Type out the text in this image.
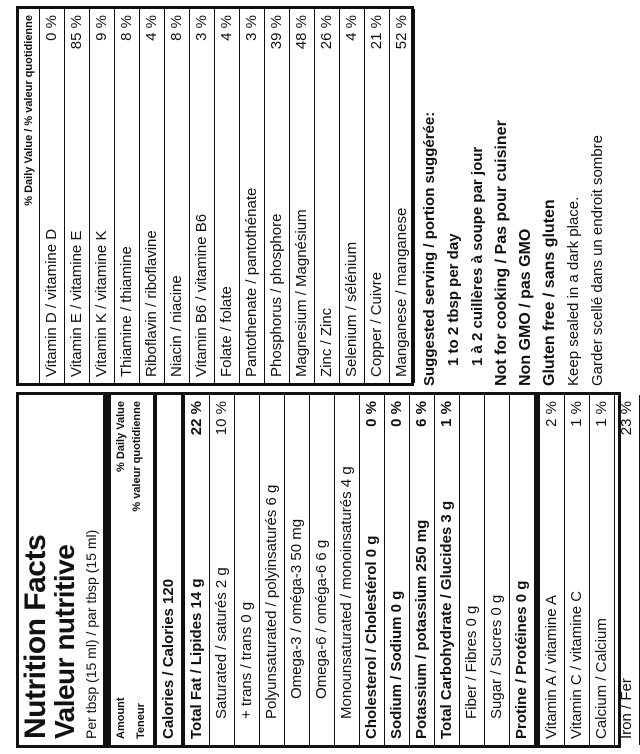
Nutrition Facts
Valeur nutritive Per tbsp (15 ml) / par tbsp (15 ml)	Amount Teneur
% Daily Value % valeur quotidienne
Calories / Calories 120 Total Fat / Lipides 14 g
22 %
Saturated / saturés 2 g
10 %
+ trans / trans 0 g Polyunsaturated / polyinsaturés 6 g Omega-3 / oméga-3 50 mg Omega-6 / oméga-6 6 g Monounsaturated / monoinsaturés 4 g Cholesterol / Cholestérol 0 g
0 %
Sodium / Sodium 0 g
0 %
Potassium / potassium 250 mg
6 %
Total Carbohydrate / Glucides 3 g
1 %
Fiber / Fibres 0 g Sugar / Sucres 0 g Protine / Protéines 0 g Vitamin A / vitamine A
2 %
Vitamin C / vitamine C
1 %
Calcium / Calcium
1 %
Iron / Fer
23 %
% Daily Value / % valeur quotidienne
Vitamin D / vitamine D
0 %
Vitamin E / vitamine E
85 %
Vitamin K / vitamine K
9 %
Thiamine / thiamine
8 %
Riboflavin / riboflavine
4 %
Niacin / niacine
8 %
Vitamin B6 / vitamine B6
3 %
Folate / folate
4 %
Pantothenate / pantothénate
3 %
Phosphorus / phosphore
39 %
Magnesium / Magnésium
48 %
Zinc / Zinc
26 %
Selenium / sélénium
4 %
Copper / Cuivre
21 %
Manganese / manganese
52 %
Suggested serving / portion suggérée: 1 to 2 tbsp per day 1 à 2 cuillères à soupe par jour Not for cooking / Pas pour cuisiner Non GMO / pas GMO Gluten free / sans gluten Keep sealed in a dark place. Garder scellé dans un endroit sombre
